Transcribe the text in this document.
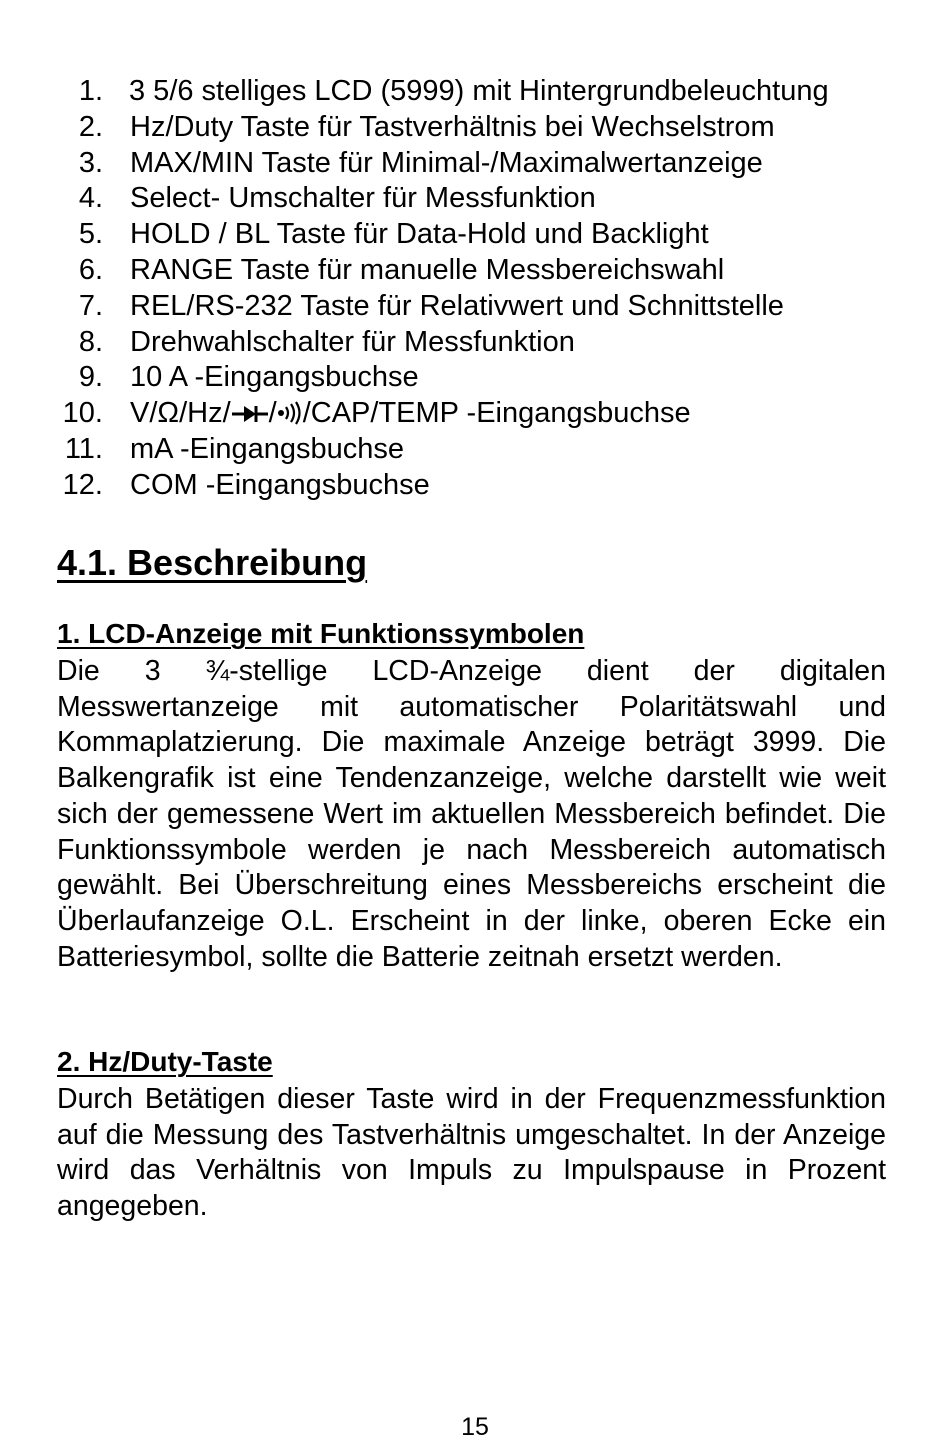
1. 3 5/6 stelliges LCD (5999) mit Hintergrundbeleuchtung
2. Hz/Duty Taste für Tastverhältnis bei Wechselstrom
3. MAX/MIN Taste für Minimal-/Maximalwertanzeige
4. Select- Umschalter für Messfunktion
5. HOLD / BL Taste für Data-Hold und Backlight
6. RANGE Taste für manuelle Messbereichswahl
7. REL/RS-232 Taste für Relativwert und Schnittstelle
8. Drehwahlschalter für Messfunktion
9. 10 A -Eingangsbuchse
10. V/Ω/Hz/ / /CAP/TEMP -Eingangsbuchse
11. mA -Eingangsbuchse
12. COM -Eingangsbuchse
4.1. Beschreibung
1. LCD-Anzeige mit Funktionssymbolen

Die 3 ¾-stellige LCD-Anzeige dient der digitalen Messwertanzeige mit automatischer Polaritätswahl und Kommaplatzierung. Die maximale Anzeige beträgt 3999. Die Balkengrafik ist eine Tendenzanzeige, welche darstellt wie weit sich der gemessene Wert im aktuellen Messbereich befindet. Die Funktionssymbole werden je nach Messbereich automatisch gewählt. Bei Überschreitung eines Messbereichs erscheint die Überlaufanzeige O.L. Erscheint in der linke, oberen Ecke ein Batteriesymbol, sollte die Batterie zeitnah ersetzt werden.

2. Hz/Duty-Taste

Durch Betätigen dieser Taste wird in der Frequenzmessfunktion auf die Messung des Tastverhältnis umgeschaltet. In der Anzeige wird das Verhältnis von Impuls zu Impulspause in Prozent angegeben.

15
